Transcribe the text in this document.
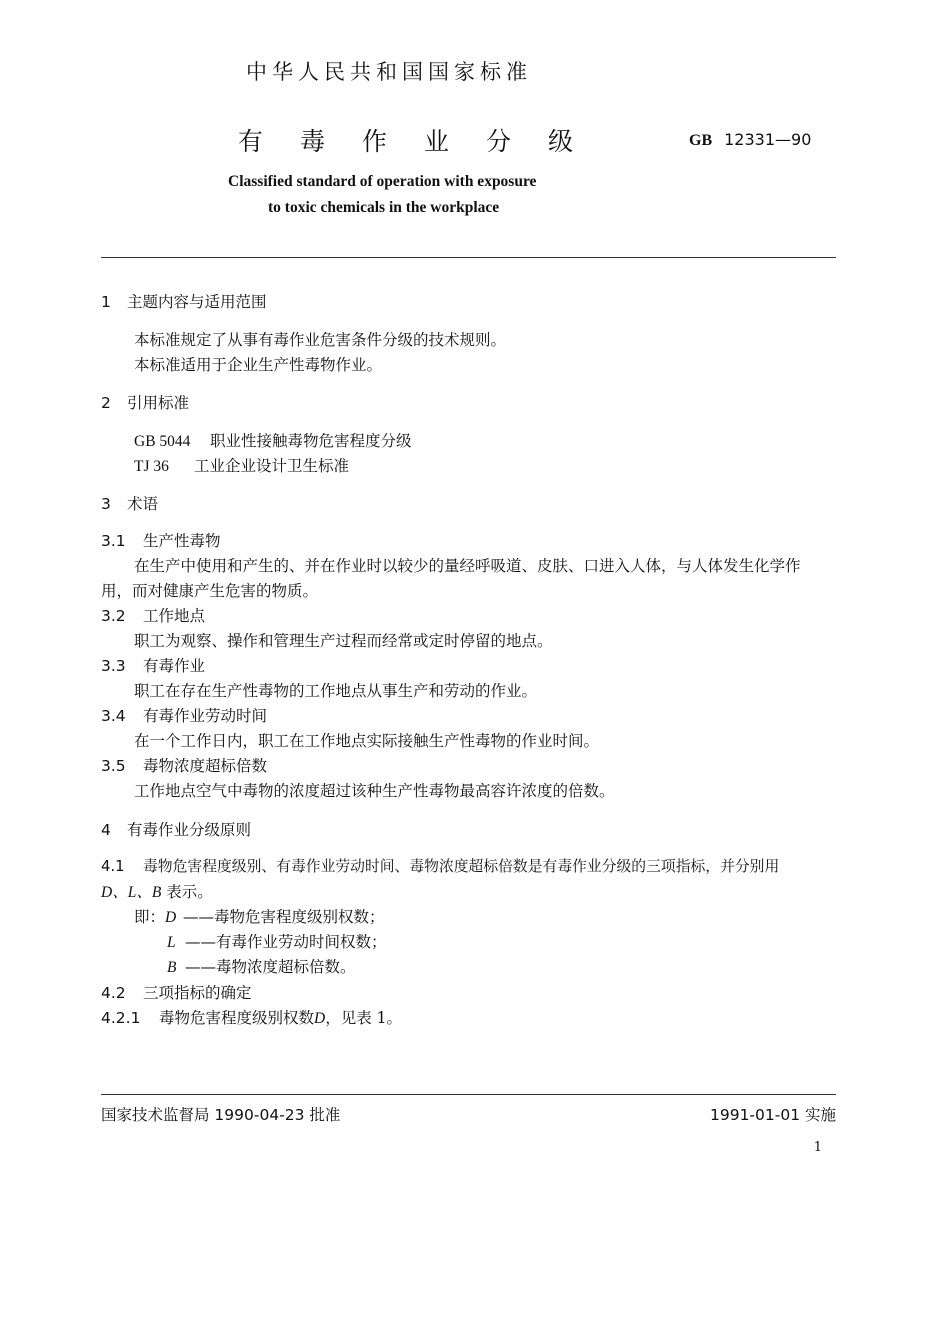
中华人民共和国国家标准
有 毒 作 业 分 级	GB 12331—90
Classified standard of operation with exposure
to toxic chemicals in the workplace
1 主题内容与适用范围
本标准规定了从事有毒作业危害条件分级的技术规则。
本标准适用于企业生产性毒物作业。
2 引用标准
GB 5044 职业性接触毒物危害程度分级
TJ 36 工业企业设计卫生标准
3 术语
3.1 生产性毒物
在生产中使用和产生的、并在作业时以较少的量经呼吸道、皮肤、口进入人体，与人体发生化学作
用，而对健康产生危害的物质。
3.2 工作地点
职工为观察、操作和管理生产过程而经常或定时停留的地点。
3.3 有毒作业
职工在存在生产性毒物的工作地点从事生产和劳动的作业。
3.4 有毒作业劳动时间
在一个工作日内，职工在工作地点实际接触生产性毒物的作业时间。
3.5 毒物浓度超标倍数
工作地点空气中毒物的浓度超过该种生产性毒物最高容许浓度的倍数。
4 有毒作业分级原则
4.1 毒物危害程度级别、有毒作业劳动时间、毒物浓度超标倍数是有毒作业分级的三项指标，并分别用
D、L、B 表示。
即：D ——毒物危害程度级别权数；
L ——有毒作业劳动时间权数；
B ——毒物浓度超标倍数。
4.2 三项指标的确定
4.2.1 毒物危害程度级别权数D，见表 1。
国家技术监督局 1990-04-23 批准	1991-01-01 实施
1
